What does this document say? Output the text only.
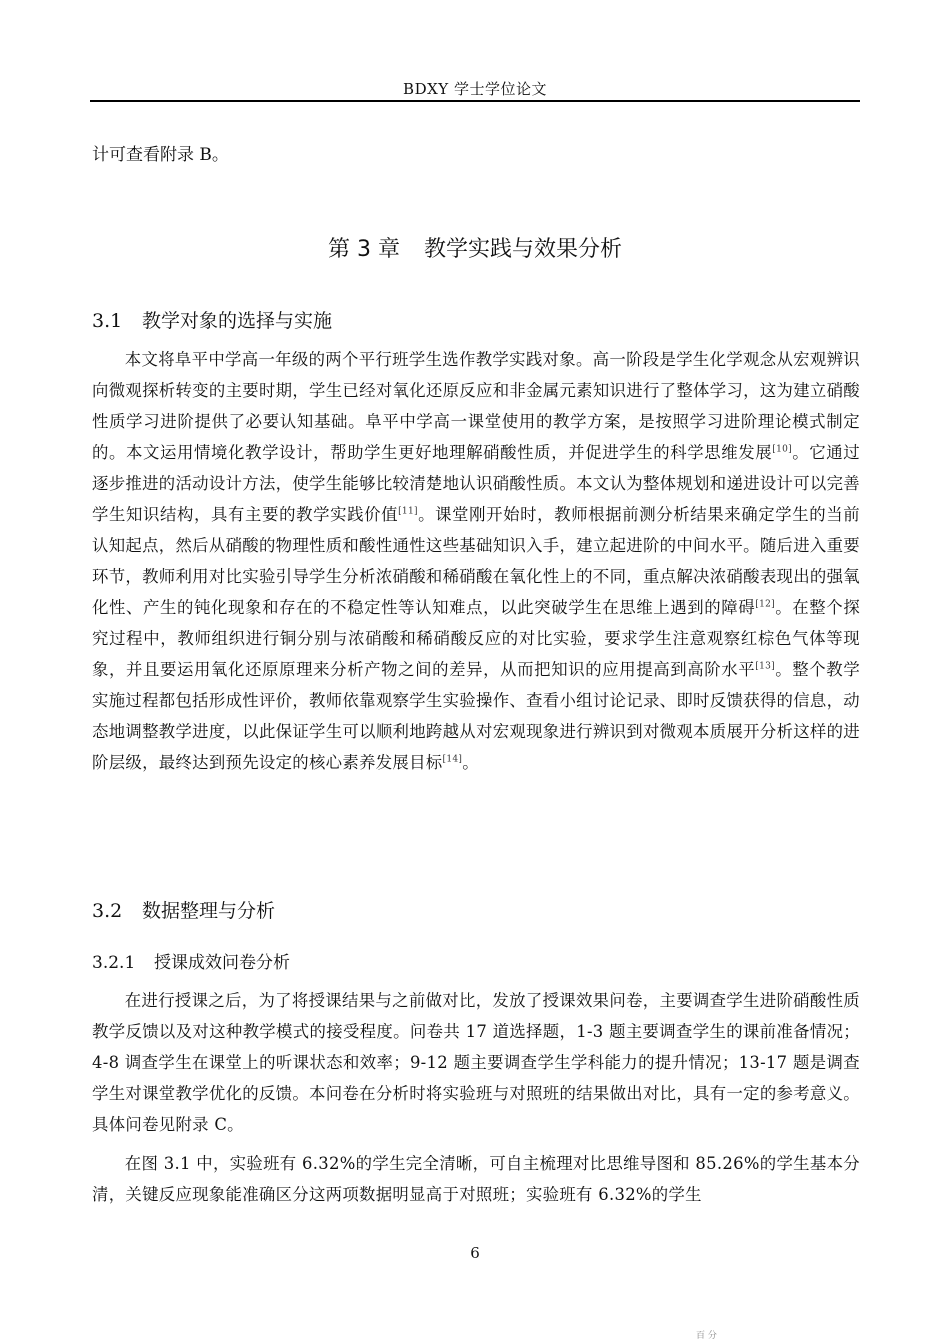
BDXY 学士学位论文
计可查看附录 B。
第 3 章 教学实践与效果分析
3.1 教学对象的选择与实施

本文将阜平中学高一年级的两个平行班学生选作教学实践对象。高一阶段是学生化学观念从宏观辨识向微观探析转变的主要时期，学生已经对氧化还原反应和非金属元素知识进行了整体学习，这为建立硝酸性质学习进阶提供了必要认知基础。阜平中学高一课堂使用的教学方案，是按照学习进阶理论模式制定的。本文运用情境化教学设计，帮助学生更好地理解硝酸性质，并促进学生的科学思维发展[10]。它通过逐步推进的活动设计方法，使学生能够比较清楚地认识硝酸性质。本文认为整体规划和递进设计可以完善学生知识结构，具有主要的教学实践价值[11]。课堂刚开始时，教师根据前测分析结果来确定学生的当前认知起点，然后从硝酸的物理性质和酸性通性这些基础知识入手，建立起进阶的中间水平。随后进入重要环节，教师利用对比实验引导学生分析浓硝酸和稀硝酸在氧化性上的不同，重点解决浓硝酸表现出的强氧化性、产生的钝化现象和存在的不稳定性等认知难点，以此突破学生在思维上遇到的障碍[12]。在整个探究过程中，教师组织进行铜分别与浓硝酸和稀硝酸反应的对比实验，要求学生注意观察红棕色气体等现象，并且要运用氧化还原原理来分析产物之间的差异，从而把知识的应用提高到高阶水平[13]。整个教学实施过程都包括形成性评价，教师依靠观察学生实验操作、查看小组讨论记录、即时反馈获得的信息，动态地调整教学进度，以此保证学生可以顺利地跨越从对宏观现象进行辨识到对微观本质展开分析这样的进阶层级，最终达到预先设定的核心素养发展目标[14]。

3.2 数据整理与分析
3.2.1 授课成效问卷分析

在进行授课之后，为了将授课结果与之前做对比，发放了授课效果问卷，主要调查学生进阶硝酸性质教学反馈以及对这种教学模式的接受程度。问卷共 17 道选择题，1-3 题主要调查学生的课前准备情况；4-8 调查学生在课堂上的听课状态和效率；9-12 题主要调查学生学科能力的提升情况；13-17 题是调查学生对课堂教学优化的反馈。本问卷在分析时将实验班与对照班的结果做出对比，具有一定的参考意义。具体问卷见附录 C。

在图 3.1 中，实验班有 6.32%的学生完全清晰，可自主梳理对比思维导图和 85.26%的学生基本分清，关键反应现象能准确区分这两项数据明显高于对照班；实验班有 6.32%的学生

6
百 分
